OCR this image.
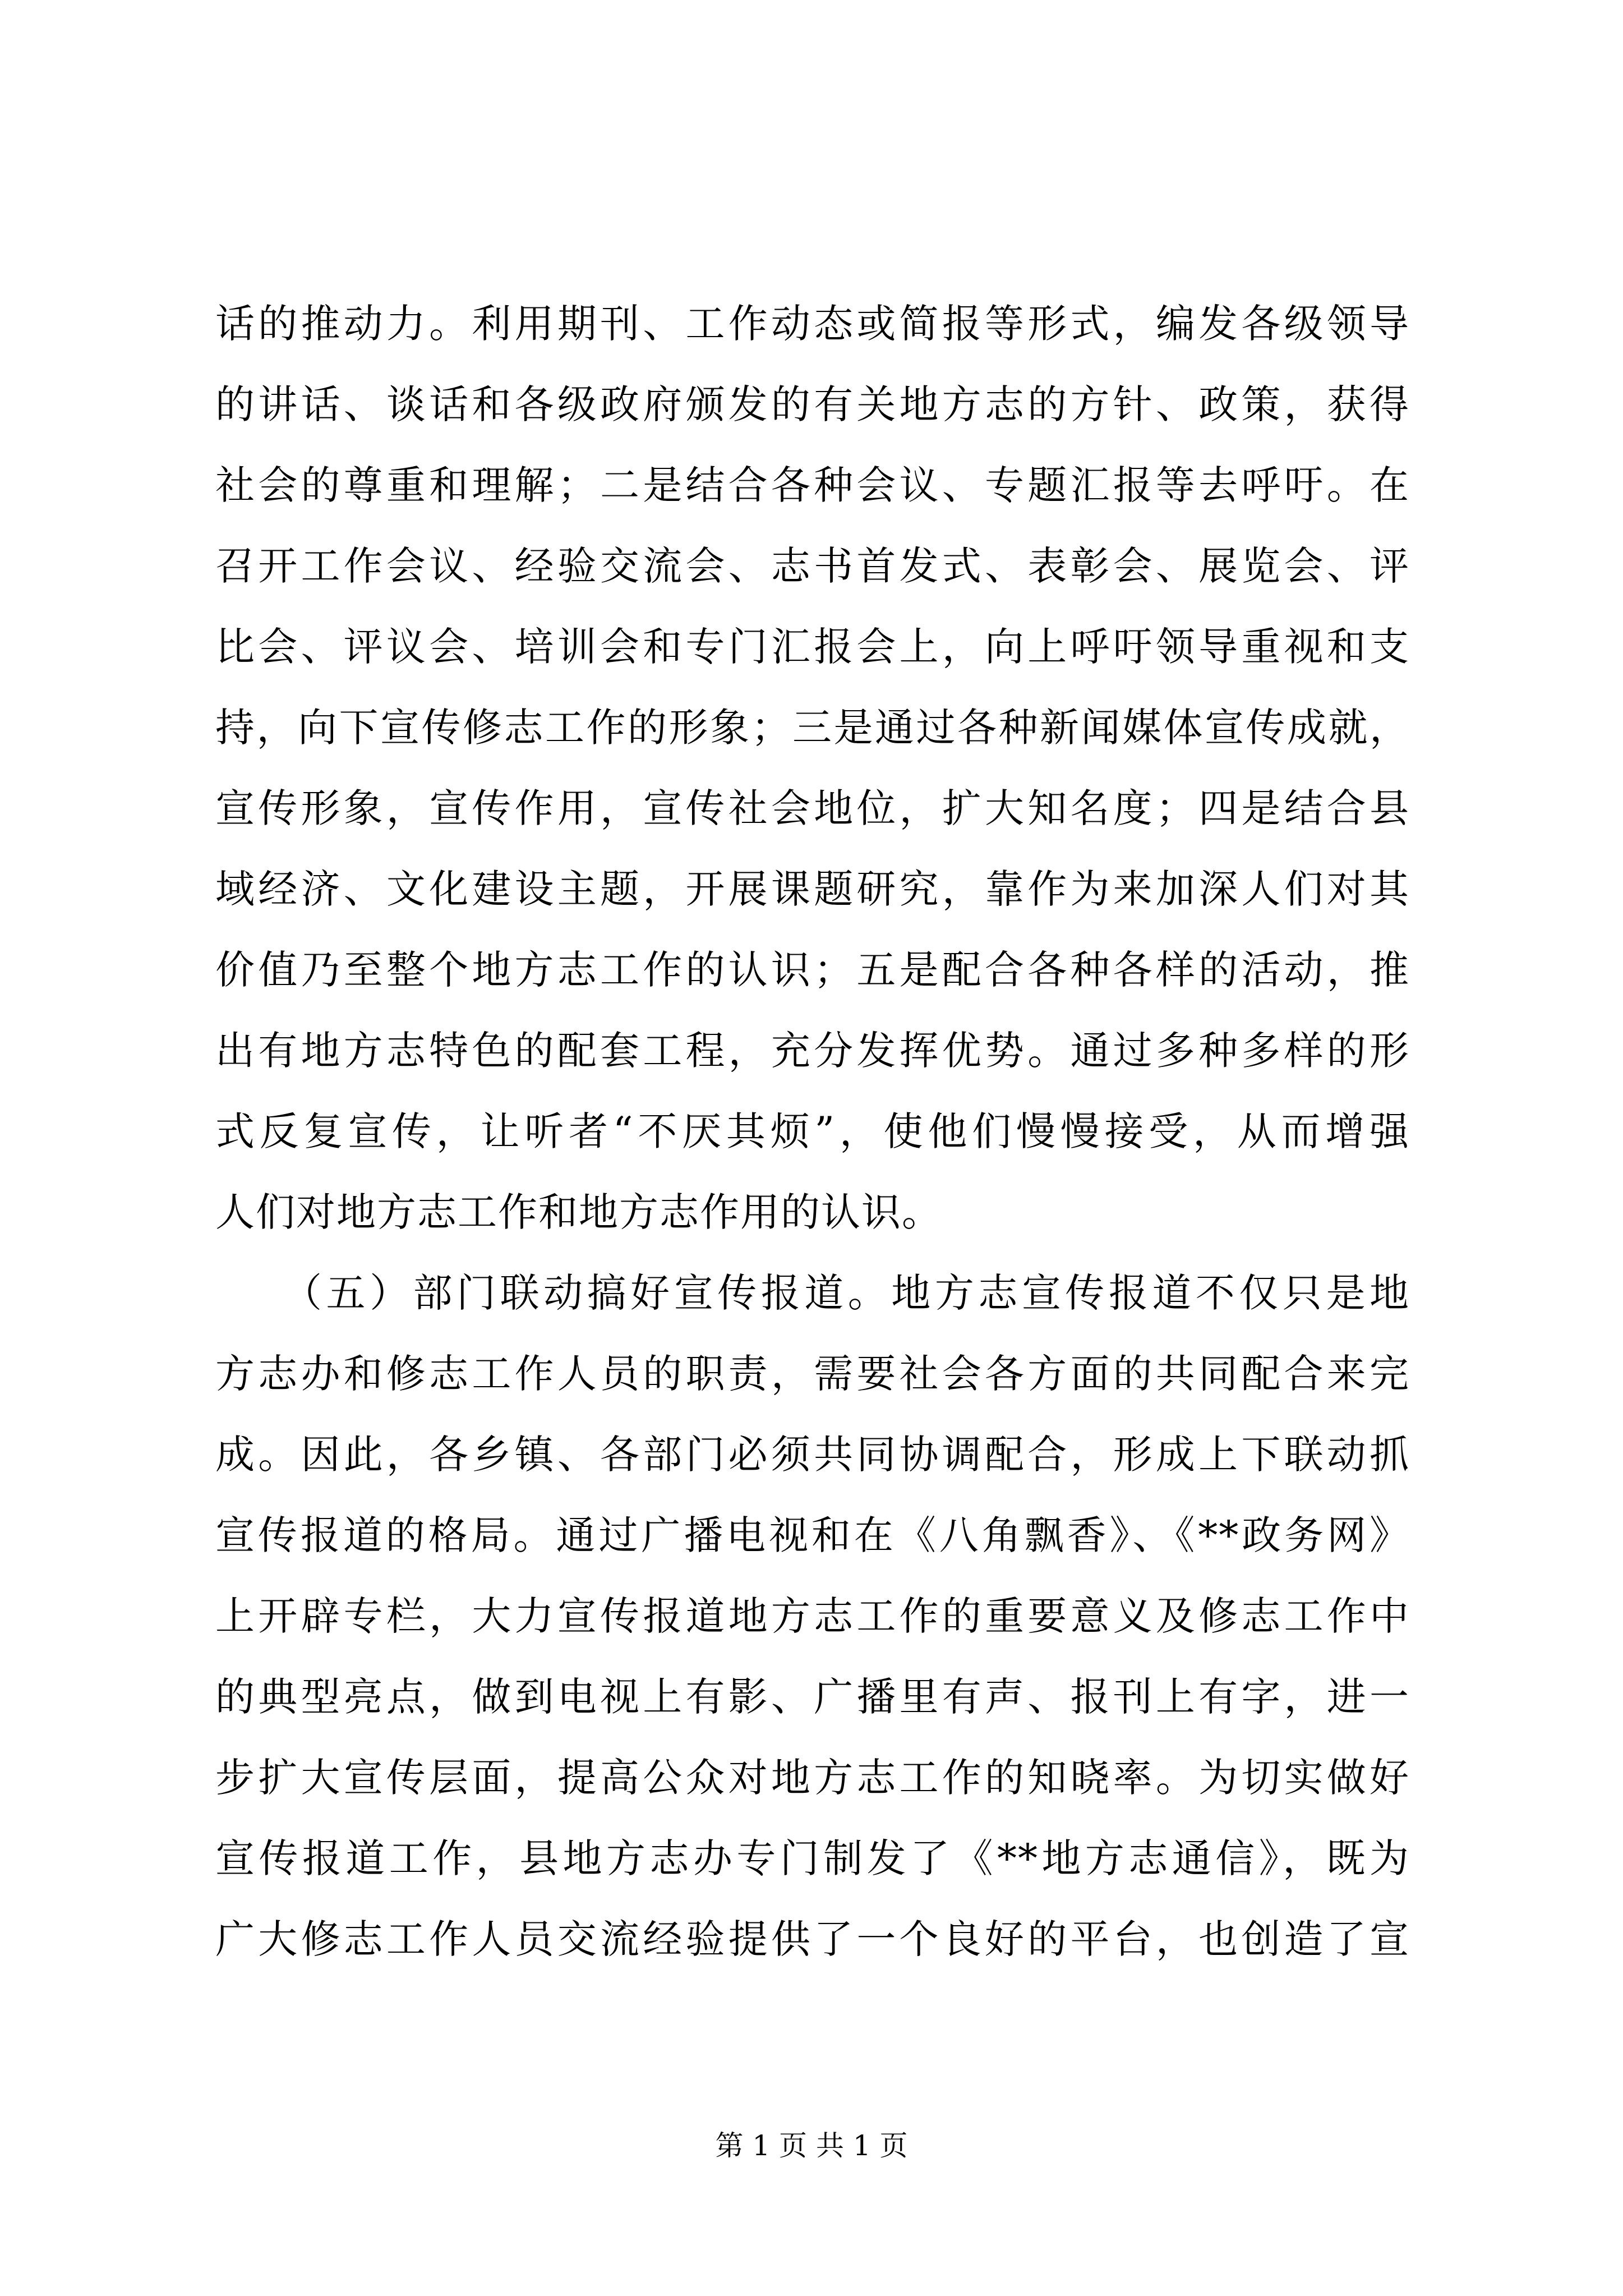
话的推动力。利用期刊、工作动态或简报等形式，编发各级领导
的讲话、谈话和各级政府颁发的有关地方志的方针、政策，获得
社会的尊重和理解；二是结合各种会议、专题汇报等去呼吁。在
召开工作会议、经验交流会、志书首发式、表彰会、展览会、评
比会、评议会、培训会和专门汇报会上，向上呼吁领导重视和支
持，向下宣传修志工作的形象；三是通过各种新闻媒体宣传成就，
宣传形象，宣传作用，宣传社会地位，扩大知名度；四是结合县
域经济、文化建设主题，开展课题研究，靠作为来加深人们对其
价值乃至整个地方志工作的认识；五是配合各种各样的活动，推
出有地方志特色的配套工程，充分发挥优势。通过多种多样的形
式反复宣传，让听者“不厌其烦”，使他们慢慢接受，从而增强
人们对地方志工作和地方志作用的认识。
　　（五）部门联动搞好宣传报道。地方志宣传报道不仅只是地
方志办和修志工作人员的职责，需要社会各方面的共同配合来完
成。因此，各乡镇、各部门必须共同协调配合，形成上下联动抓
宣传报道的格局。通过广播电视和在《八角飘香》、《**政务网》
上开辟专栏，大力宣传报道地方志工作的重要意义及修志工作中
的典型亮点，做到电视上有影、广播里有声、报刊上有字，进一
步扩大宣传层面，提高公众对地方志工作的知晓率。为切实做好
宣传报道工作，县地方志办专门制发了《**地方志通信》，既为
广大修志工作人员交流经验提供了一个良好的平台，也创造了宣
第 1 页 共 1 页
